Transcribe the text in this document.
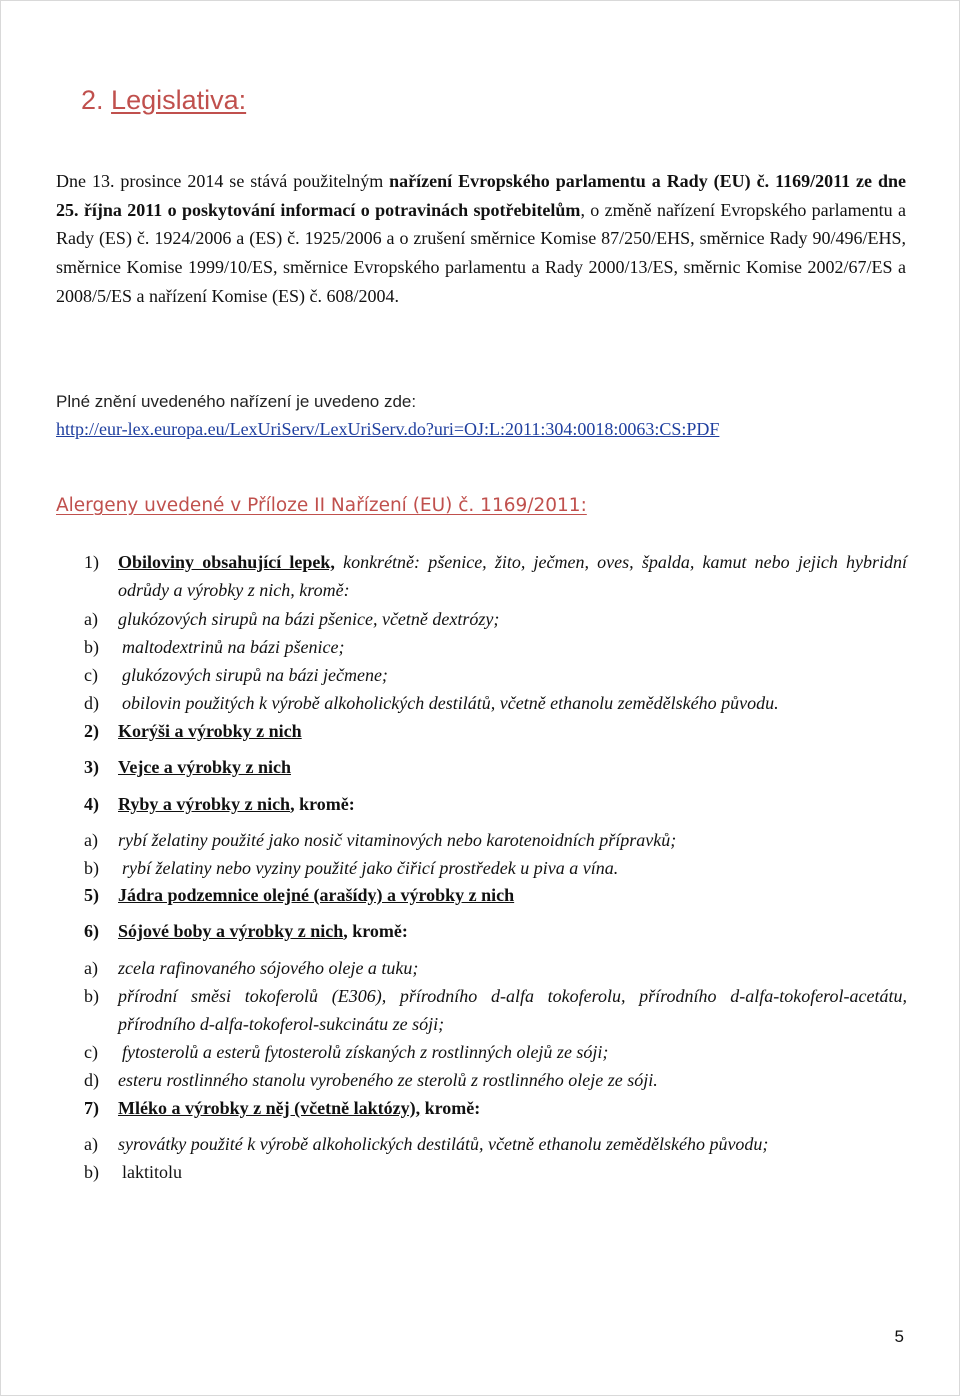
2. Legislativa:
Dne 13. prosince 2014 se stává použitelným nařízení Evropského parlamentu a Rady (EU) č. 1169/2011 ze dne 25. října 2011 o poskytování informací o potravinách spotřebitelům, o změně nařízení Evropského parlamentu a Rady (ES) č. 1924/2006 a (ES) č. 1925/2006 a o zrušení směrnice Komise 87/250/EHS, směrnice Rady 90/496/EHS, směrnice Komise 1999/10/ES, směrnice Evropského parlamentu a Rady 2000/13/ES, směrnic Komise 2002/67/ES a 2008/5/ES a nařízení Komise (ES) č. 608/2004.
Plné znění uvedeného nařízení je uvedeno zde:
http://eur-lex.europa.eu/LexUriServ/LexUriServ.do?uri=OJ:L:2011:304:0018:0063:CS:PDF
Alergeny uvedené v Příloze II Nařízení (EU) č. 1169/2011:
1) Obiloviny obsahující lepek, konkrétně: pšenice, žito, ječmen, oves, špalda, kamut nebo jejich hybridní odrůdy a výrobky z nich, kromě:
a) glukózových sirupů na bázi pšenice, včetně dextrózy;
b) maltodextrinů na bázi pšenice;
c) glukózových sirupů na bázi ječmene;
d) obilovin použitých k výrobě alkoholických destilátů, včetně ethanolu zemědělského původu.
2) Korýši a výrobky z nich
3) Vejce a výrobky z nich
4) Ryby a výrobky z nich, kromě:
a) rybí želatiny použité jako nosič vitaminových nebo karotenoidních přípravků;
b) rybí želatiny nebo vyziny použité jako čiřicí prostředek u piva a vína.
5) Jádra podzemnice olejné (arašídy) a výrobky z nich
6) Sójové boby a výrobky z nich, kromě:
a) zcela rafinovaného sójového oleje a tuku;
b) přírodní směsi tokoferolů (E306), přírodního d-alfa tokoferolu, přírodního d-alfa-tokoferol-acetátu, přírodního d-alfa-tokoferol-sukcinátu ze sóji;
c) fytosterolů a esterů fytosterolů získaných z rostlinných olejů ze sóji;
d) esteru rostlinného stanolu vyrobeného ze sterolů z rostlinného oleje ze sóji.
7) Mléko a výrobky z něj (včetně laktózy), kromě:
a) syrovátky použité k výrobě alkoholických destilátů, včetně ethanolu zemědělského původu;
b) laktitolu
5
